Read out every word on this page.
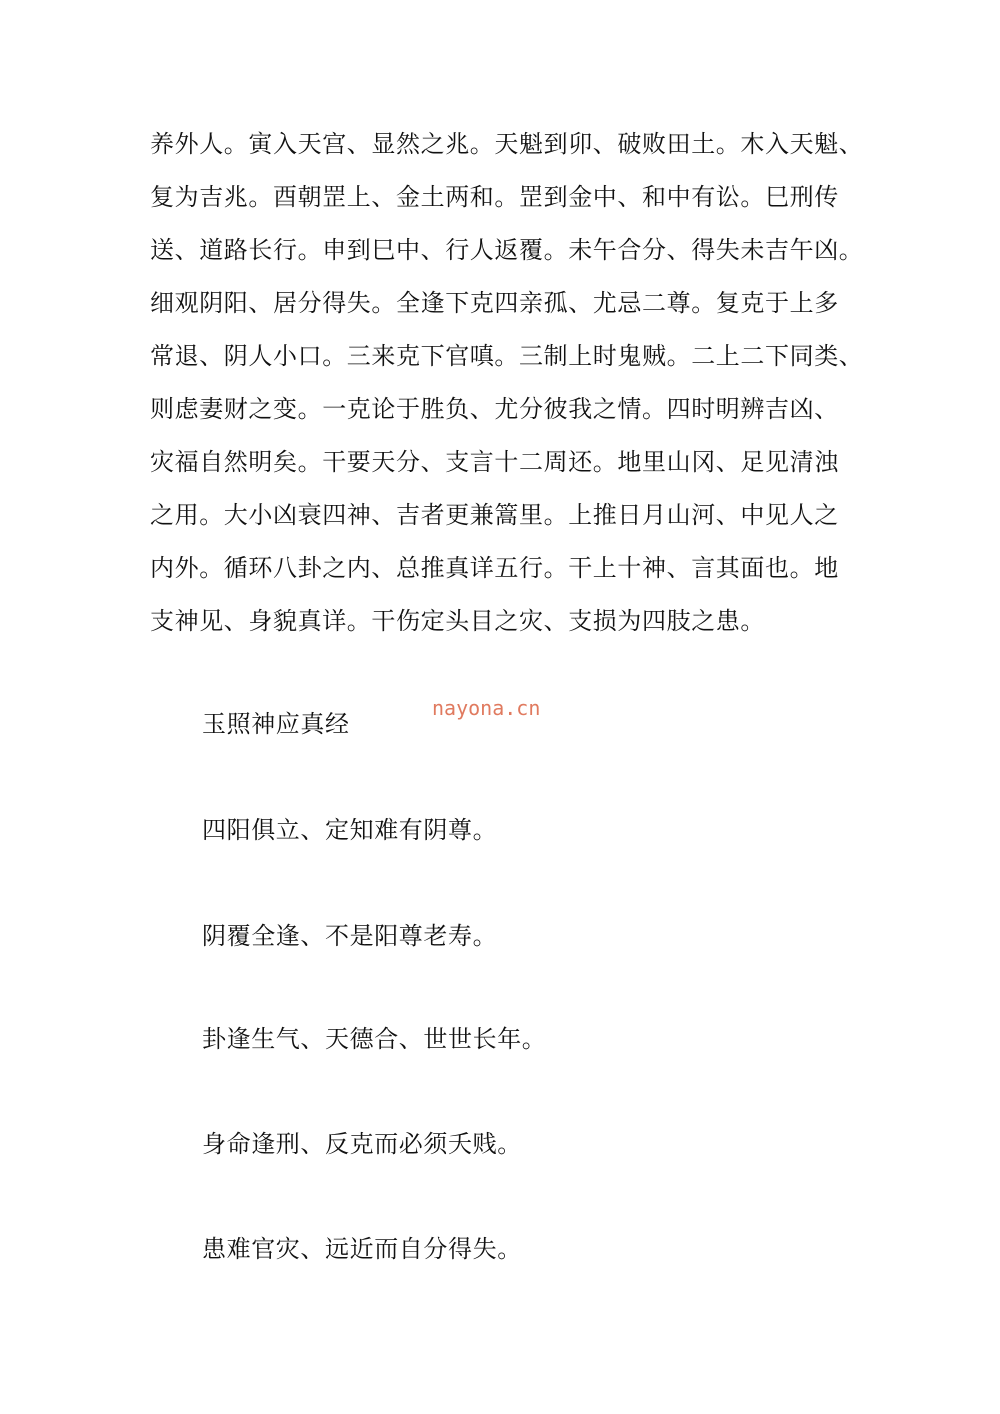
养外人。寅入天宫、显然之兆。天魁到卯、破败田土。木入天魁、
复为吉兆。酉朝罡上、金土两和。罡到金中、和中有讼。巳刑传
送、道路长行。申到巳中、行人返覆。未午合分、得失未吉午凶。
细观阴阳、居分得失。全逢下克四亲孤、尤忌二尊。复克于上多
常退、阴人小口。三来克下官嗔。三制上时鬼贼。二上二下同类、
则虑妻财之变。一克论于胜负、尤分彼我之情。四时明辨吉凶、
灾福自然明矣。干要天分、支言十二周还。地里山冈、足见清浊
之用。大小凶衰四神、吉者更兼篙里。上推日月山河、中见人之
内外。循环八卦之内、总推真详五行。干上十神、言其面也。地
支神见、身貌真详。干伤定头目之灾、支损为四肢之患。
nayona.cn
玉照神应真经
四阳俱立、定知难有阴尊。
阴覆全逢、不是阳尊老寿。
卦逢生气、天德合、世世长年。
身命逢刑、反克而必须夭贱。
患难官灾、远近而自分得失。
